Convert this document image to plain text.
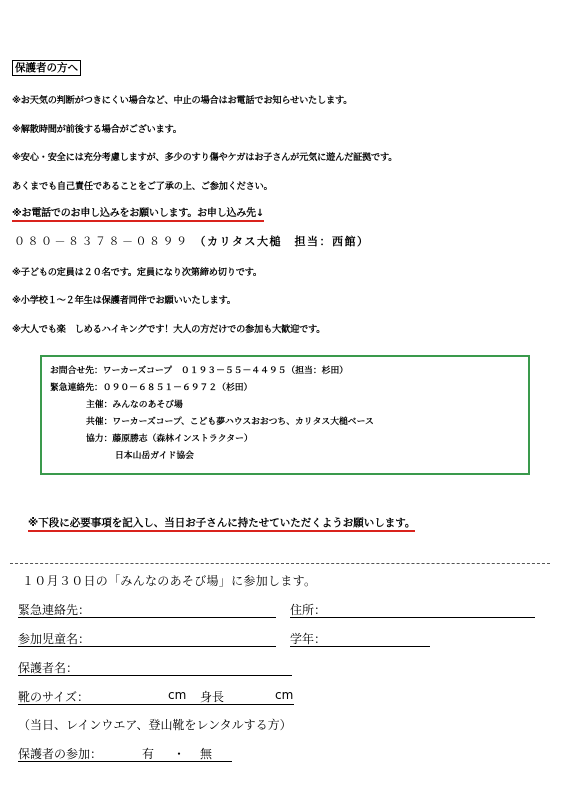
保護者の方へ
※お天気の判断がつきにくい場合など、中止の場合はお電話でお知らせいたします。
※解散時間が前後する場合がございます。
※安心・安全には充分考慮しますが、多少のすり傷やケガはお子さんが元気に遊んだ証拠です。
あくまでも自己責任であることをご了承の上、ご参加ください。
※お電話でのお申し込みをお願いします。お申し込み先↓
０８０－８３７８－０８９９ （カリタス大槌　担当：西館）
※子どもの定員は２０名です。定員になり次第締め切りです。
※小学校１～２年生は保護者同伴でお願いいたします。
※大人でも楽　しめるハイキングです！大人の方だけでの参加も大歓迎です。
お問合せ先：ワーカーズコープ　０１９３－５５－４４９５（担当：杉田）
緊急連絡先：０９０－６８５１－６９７２（杉田）
主催：みんなのあそび場
共催：ワーカーズコープ、こども夢ハウスおおつち、カリタス大槌ベース
協力：藤原勝志（森林インストラクター）
日本山岳ガイド協会
※下段に必要事項を記入し、当日お子さんに持たせていただくようお願いします。
１０月３０日の「みんなのあそび場」に参加します。
緊急連絡先：	住所：
参加児童名：	学年：
保護者名：
靴のサイズ：	cm 身長	cm
（当日、レインウエア、登山靴をレンタルする方）
保護者の参加：	有 ・ 無
